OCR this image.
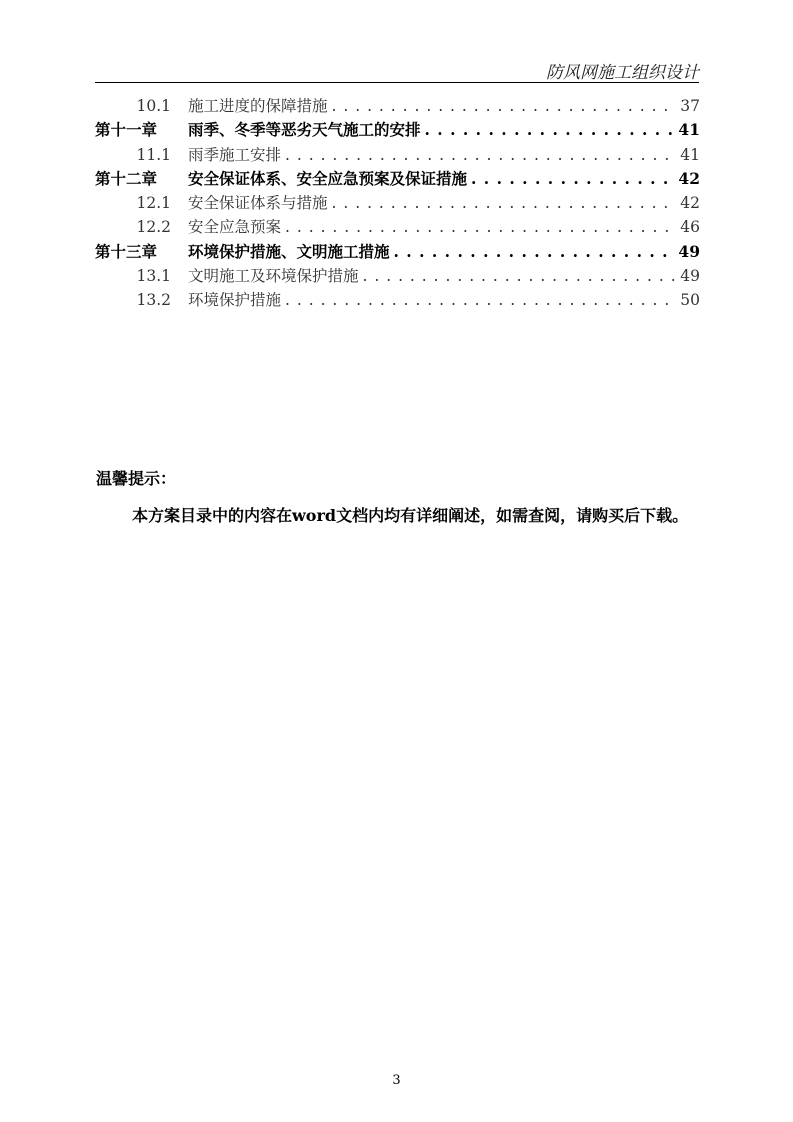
防风网施工组织设计
10.1	施工进度的保障措施 . . .	37
第十一章	雨季、冬季等恶劣天气施工的安排 . . .	41
11.1	雨季施工安排 . . .	41
第十二章	安全保证体系、安全应急预案及保证措施 . . .	42
12.1	安全保证体系与措施 . . .	42
12.2	安全应急预案 . . .	46
第十三章	环境保护措施、文明施工措施 . . .	49
13.1	文明施工及环境保护措施 . . .	49
13.2	环境保护措施 . . .	50
温馨提示：
本方案目录中的内容在word文档内均有详细阐述，如需查阅，请购买后下载。
3
